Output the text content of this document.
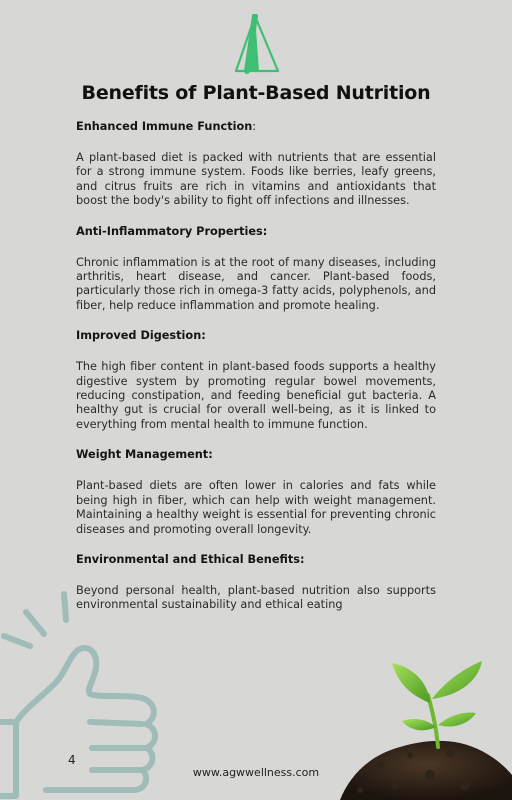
Benefits of Plant-Based Nutrition
Enhanced Immune Function:
A plant-based diet is packed with nutrients that are essential for a strong immune system. Foods like berries, leafy greens, and citrus fruits are rich in vitamins and antioxidants that boost the body's ability to fight off infections and illnesses.
Anti-Inflammatory Properties:
Chronic inflammation is at the root of many diseases, including arthritis, heart disease, and cancer. Plant-based foods, particularly those rich in omega-3 fatty acids, polyphenols, and fiber, help reduce inflammation and promote healing.
Improved Digestion:
The high fiber content in plant-based foods supports a healthy digestive system by promoting regular bowel movements, reducing constipation, and feeding beneficial gut bacteria. A healthy gut is crucial for overall well-being, as it is linked to everything from mental health to immune function.
Weight Management:
Plant-based diets are often lower in calories and fats while being high in fiber, which can help with weight management. Maintaining a healthy weight is essential for preventing chronic diseases and promoting overall longevity.
Environmental and Ethical Benefits:
Beyond personal health, plant-based nutrition also supports environmental sustainability and ethical eating
4
www.agwwellness.com
